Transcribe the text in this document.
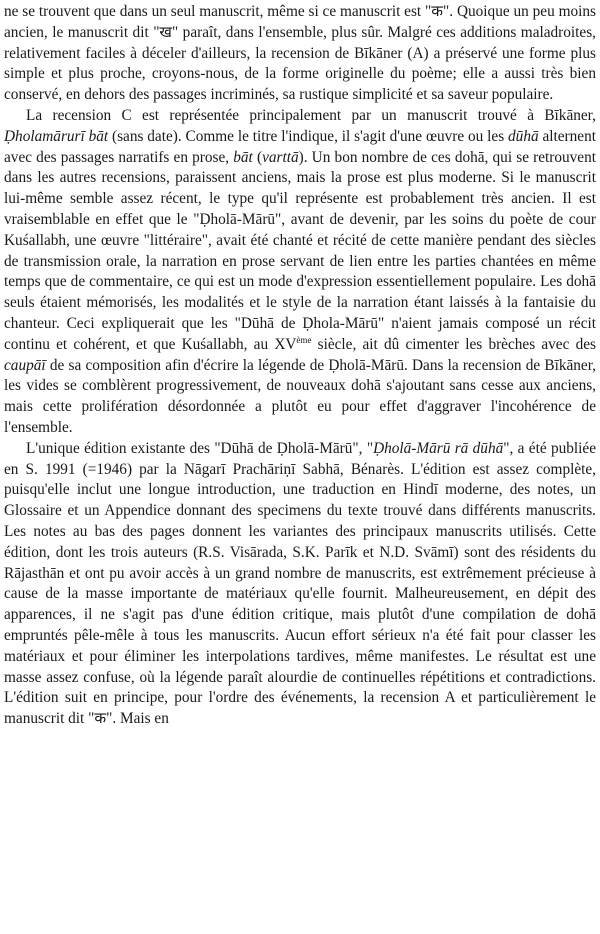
ne se trouvent que dans un seul manuscrit, même si ce manuscrit est "क". Quoique un peu moins ancien, le manuscrit dit "ख" paraît, dans l'ensemble, plus sûr. Malgré ces additions maladroites, relativement faciles à déceler d'ailleurs, la recension de Bīkāner (A) a préservé une forme plus simple et plus proche, croyons-nous, de la forme originelle du poème; elle a aussi très bien conservé, en dehors des passages incriminés, sa rustique simplicité et sa saveur populaire.

La recension C est représentée principalement par un manuscrit trouvé à Bīkāner, Ḍholamārurī bāt (sans date). Comme le titre l'indique, il s'agit d'une œuvre ou les dūhā alternent avec des passages narratifs en prose, bāt (varttā). Un bon nombre de ces dohā, qui se retrouvent dans les autres recensions, paraissent anciens, mais la prose est plus moderne. Si le manuscrit lui-même semble assez récent, le type qu'il représente est probablement très ancien. Il est vraisemblable en effet que le "Ḍholā-Mārū", avant de devenir, par les soins du poète de cour Kuśallabh, une œuvre "littéraire", avait été chanté et récité de cette manière pendant des siècles de transmission orale, la narration en prose servant de lien entre les parties chantées en même temps que de commentaire, ce qui est un mode d'expression essentiellement populaire. Les dohā seuls étaient mémorisés, les modalités et le style de la narration étant laissés à la fantaisie du chanteur. Ceci expliquerait que les "Dūhā de Ḍhola-Mārū" n'aient jamais composé un récit continu et cohérent, et que Kuśallabh, au XVème siècle, ait dû cimenter les brèches avec des caupāī de sa composition afin d'écrire la légende de Ḍholā-Mārū. Dans la recension de Bīkāner, les vides se comblèrent progressivement, de nouveaux dohā s'ajoutant sans cesse aux anciens, mais cette prolifération désordonnée a plutôt eu pour effet d'aggraver l'incohérence de l'ensemble.

L'unique édition existante des "Dūhā de Ḍholā-Mārū", "Ḍholā-Mārū rā dūhā", a été publiée en S. 1991 (=1946) par la Nāgarī Prachāriṇī Sabhā, Bénarès. L'édition est assez complète, puisqu'elle inclut une longue introduction, une traduction en Hindī moderne, des notes, un Glossaire et un Appendice donnant des specimens du texte trouvé dans différents manuscrits. Les notes au bas des pages donnent les variantes des principaux manuscrits utilisés. Cette édition, dont les trois auteurs (R.S. Visārada, S.K. Parīk et N.D. Svāmī) sont des résidents du Rājasthān et ont pu avoir accès à un grand nombre de manuscrits, est extrêmement précieuse à cause de la masse importante de matériaux qu'elle fournit. Malheureusement, en dépit des apparences, il ne s'agit pas d'une édition critique, mais plutôt d'une compilation de dohā empruntés pêle-mêle à tous les manuscrits. Aucun effort sérieux n'a été fait pour classer les matériaux et pour éliminer les interpolations tardives, même manifestes. Le résultat est une masse assez confuse, où la légende paraît alourdie de continuelles répétitions et contradictions. L'édition suit en principe, pour l'ordre des événements, la recension A et particulièrement le manuscrit dit "क". Mais en
